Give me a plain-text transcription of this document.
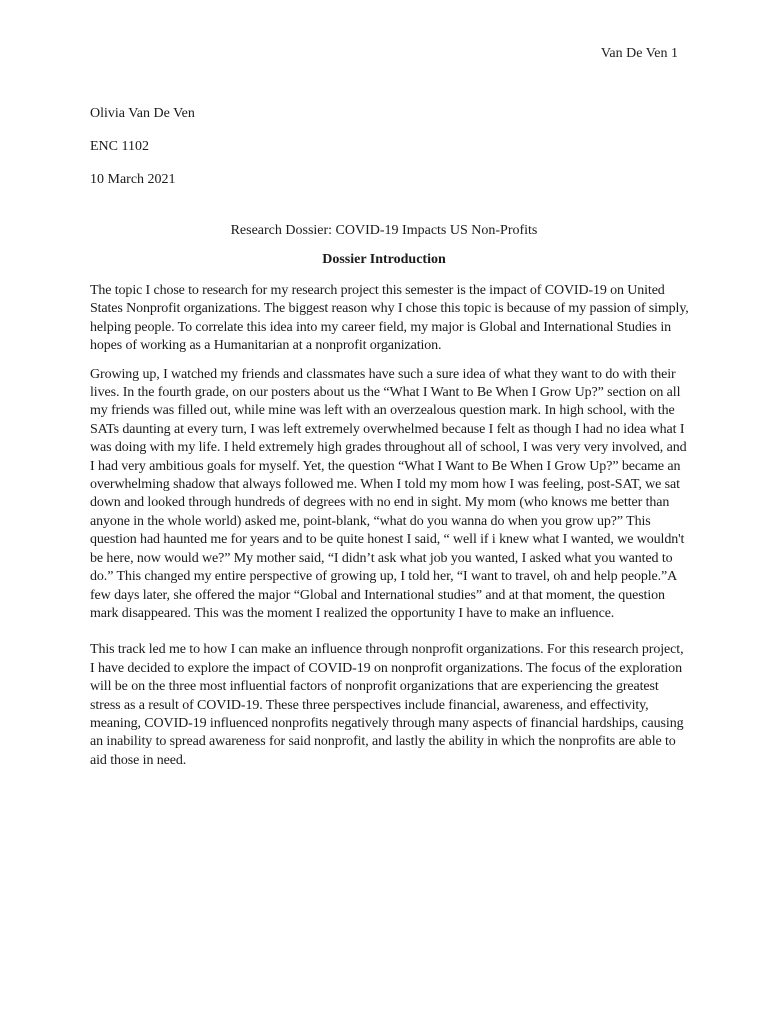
Van De Ven 1
Olivia Van De Ven
ENC 1102
10 March 2021
Research Dossier: COVID-19 Impacts US Non-Profits
Dossier Introduction

The topic I chose to research for my research project this semester is the impact of COVID-19 on United States Nonprofit organizations. The biggest reason why I chose this topic is because of my passion of simply, helping people. To correlate this idea into my career field, my major is Global and International Studies in hopes of working as a Humanitarian at a nonprofit organization.

Growing up, I watched my friends and classmates have such a sure idea of what they want to do with their lives. In the fourth grade, on our posters about us the “What I Want to Be When I Grow Up?” section on all my friends was filled out, while mine was left with an overzealous question mark. In high school, with the SATs daunting at every turn, I was left extremely overwhelmed because I felt as though I had no idea what I was doing with my life. I held extremely high grades throughout all of school, I was very very involved, and I had very ambitious goals for myself. Yet, the question “What I Want to Be When I Grow Up?” became an overwhelming shadow that always followed me. When I told my mom how I was feeling, post-SAT, we sat down and looked through hundreds of degrees with no end in sight. My mom (who knows me better than anyone in the whole world) asked me, point-blank, “what do you wanna do when you grow up?” This question had haunted me for years and to be quite honest I said, “ well if i knew what I wanted, we wouldn't be here, now would we?” My mother said, “I didn’t ask what job you wanted, I asked what you wanted to do.” This changed my entire perspective of growing up, I told her, “I want to travel, oh and help people.”A few days later, she offered the major “Global and International studies” and at that moment, the question mark disappeared. This was the moment I realized the opportunity I have to make an influence.

This track led me to how I can make an influence through nonprofit organizations. For this research project, I have decided to explore the impact of COVID-19 on nonprofit organizations. The focus of the exploration will be on the three most influential factors of nonprofit organizations that are experiencing the greatest stress as a result of COVID-19. These three perspectives include financial, awareness, and effectivity, meaning, COVID-19 influenced nonprofits negatively through many aspects of financial hardships, causing an inability to spread awareness for said nonprofit, and lastly the ability in which the nonprofits are able to aid those in need.
